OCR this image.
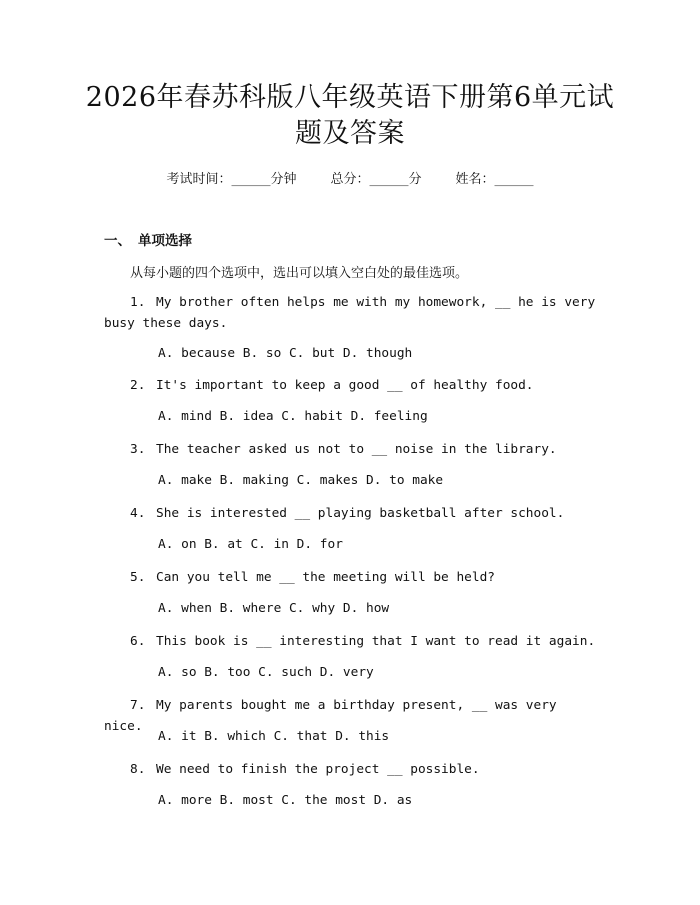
2026年春苏科版八年级英语下册第6单元试题及答案
考试时间：______分钟	总分：______分	姓名：______
一、 单项选择
从每小题的四个选项中，选出可以填入空白处的最佳选项。
1. My brother often helps me with my homework, __ he is very busy these days.
A. because B. so C. but D. though
2. It's important to keep a good __ of healthy food.
A. mind B. idea C. habit D. feeling
3. The teacher asked us not to __ noise in the library.
A. make B. making C. makes D. to make
4. She is interested __ playing basketball after school.
A. on B. at C. in D. for
5. Can you tell me __ the meeting will be held?
A. when B. where C. why D. how
6. This book is __ interesting that I want to read it again.
A. so B. too C. such D. very
7. My parents bought me a birthday present, __ was very nice.
A. it B. which C. that D. this
8. We need to finish the project __ possible.
A. more B. most C. the most D. as
